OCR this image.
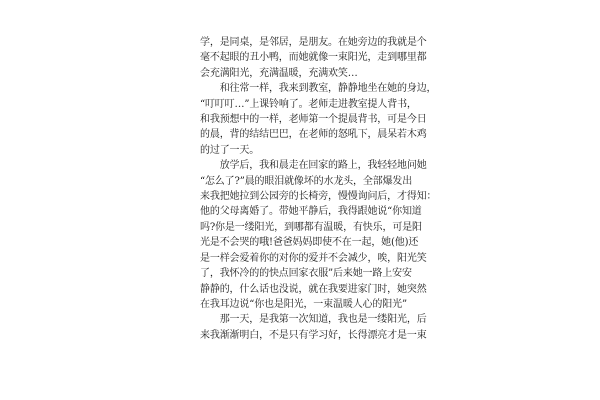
学，是同桌，是邻居，是朋友。在她旁边的我就是个
毫不起眼的丑小鸭，而她就像一束阳光，走到哪里都
会充满阳光，充满温暖，充满欢笑…
　　和往常一样，我来到教室，静静地坐在她的身边，
“叮叮叮…”上课铃响了。老师走进教室提人背书，
和我预想中的一样，老师第一个提晨背书，可是今日
的晨，背的结结巴巴，在老师的怒吼下，晨呆若木鸡
的过了一天。
　　放学后，我和晨走在回家的路上，我轻轻地问她
“怎么了?”晨的眼泪就像坏的水龙头，全部爆发出
来我把她拉到公园旁的长椅旁，慢慢询问后，才得知：
他的父母离婚了。带她平静后，我得跟她说“你知道
吗?你是一缕阳光，到哪都有温暖，有快乐，可是阳
光是不会哭的哦!爸爸妈妈即使不在一起，她(他)还
是一样会爱着你的对你的爱并不会减少，唉，阳光笑
了，我怀冷的的快点回家衣服”后来她一路上安安
静静的，什么话也没说，就在我要进家门时，她突然
在我耳边说“你也是阳光，一束温暖人心的阳光”
　　那一天，是我第一次知道，我也是一缕阳光，后
来我渐渐明白，不是只有学习好，长得漂亮才是一束
